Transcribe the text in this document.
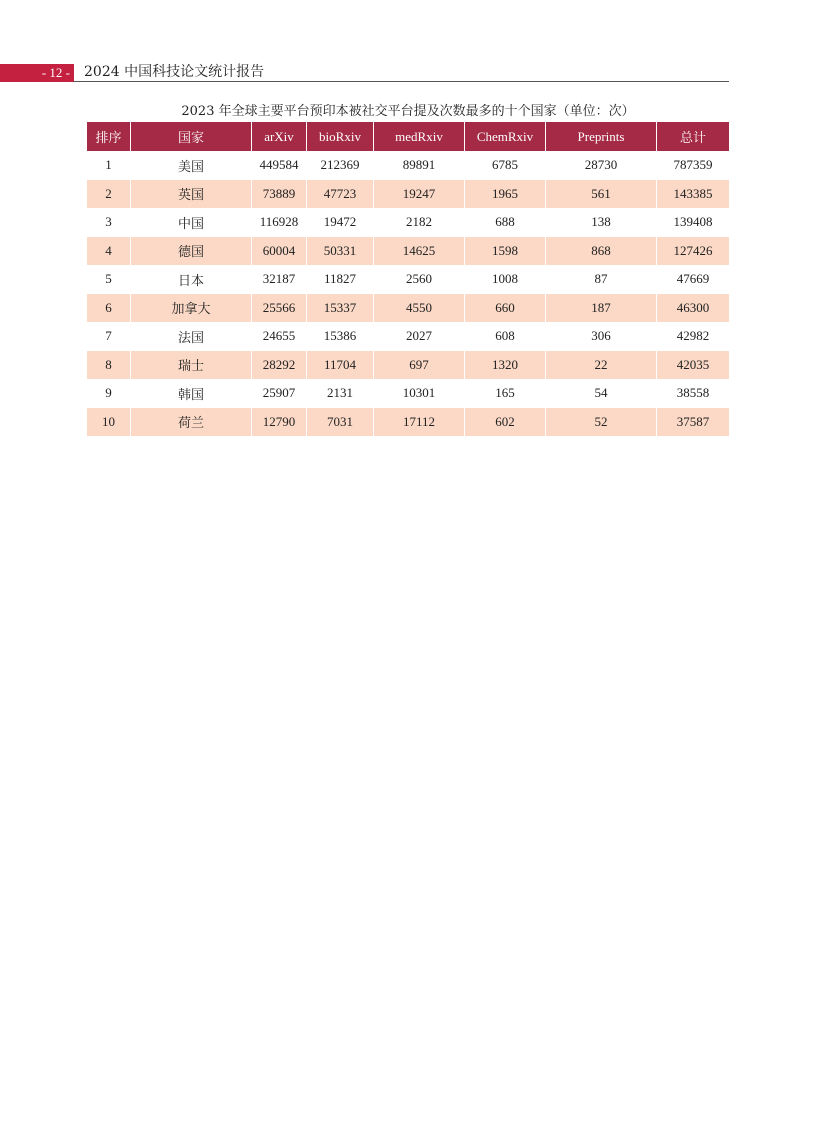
- 12 - 2024 中国科技论文统计报告
2023 年全球主要平台预印本被社交平台提及次数最多的十个国家（单位：次）
排序	国家	arXiv	bioRxiv	medRxiv	ChemRxiv	Preprints	总计
1	美国	449584	212369	89891	6785	28730	787359
2	英国	73889	47723	19247	1965	561	143385
3	中国	116928	19472	2182	688	138	139408
4	德国	60004	50331	14625	1598	868	127426
5	日本	32187	11827	2560	1008	87	47669
6	加拿大	25566	15337	4550	660	187	46300
7	法国	24655	15386	2027	608	306	42982
8	瑞士	28292	11704	697	1320	22	42035
9	韩国	25907	2131	10301	165	54	38558
10	荷兰	12790	7031	17112	602	52	37587
